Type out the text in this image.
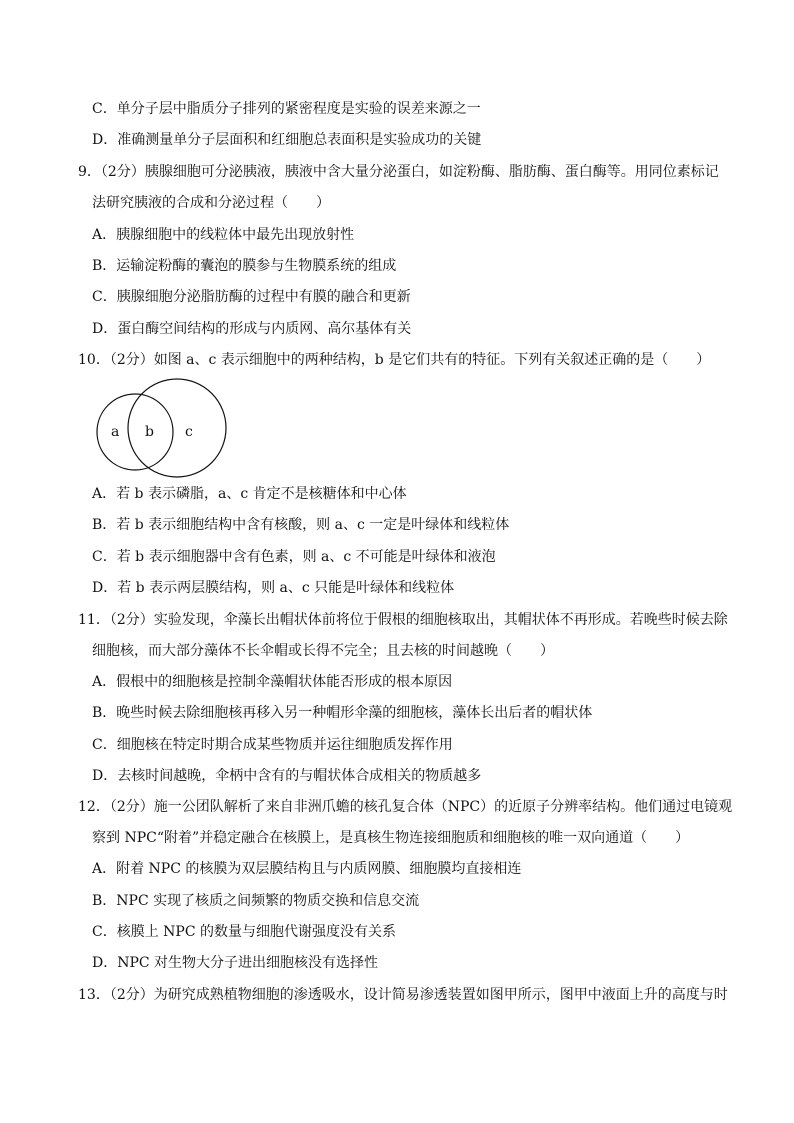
C．单分子层中脂质分子排列的紧密程度是实验的误差来源之一
D．准确测量单分子层面积和红细胞总表面积是实验成功的关键
9．（2分）胰腺细胞可分泌胰液，胰液中含大量分泌蛋白，如淀粉酶、脂肪酶、蛋白酶等。用同位素标记
法研究胰液的合成和分泌过程（　　）
A．胰腺细胞中的线粒体中最先出现放射性
B．运输淀粉酶的囊泡的膜参与生物膜系统的组成
C．胰腺细胞分泌脂肪酶的过程中有膜的融合和更新
D．蛋白酶空间结构的形成与内质网、高尔基体有关
10．（2分）如图 a、c 表示细胞中的两种结构，b 是它们共有的特征。下列有关叙述正确的是（　　）
a b c
A．若 b 表示磷脂，a、c 肯定不是核糖体和中心体
B．若 b 表示细胞结构中含有核酸，则 a、c 一定是叶绿体和线粒体
C．若 b 表示细胞器中含有色素，则 a、c 不可能是叶绿体和液泡
D．若 b 表示两层膜结构，则 a、c 只能是叶绿体和线粒体
11．（2分）实验发现，伞藻长出帽状体前将位于假根的细胞核取出，其帽状体不再形成。若晚些时候去除
细胞核，而大部分藻体不长伞帽或长得不完全；且去核的时间越晚（　　）
A．假根中的细胞核是控制伞藻帽状体能否形成的根本原因
B．晚些时候去除细胞核再移入另一种帽形伞藻的细胞核，藻体长出后者的帽状体
C．细胞核在特定时期合成某些物质并运往细胞质发挥作用
D．去核时间越晚，伞柄中含有的与帽状体合成相关的物质越多
12．（2分）施一公团队解析了来自非洲爪蟾的核孔复合体（NPC）的近原子分辨率结构。他们通过电镜观
察到 NPC“附着”并稳定融合在核膜上，是真核生物连接细胞质和细胞核的唯一双向通道（　　）
A．附着 NPC 的核膜为双层膜结构且与内质网膜、细胞膜均直接相连
B．NPC 实现了核质之间频繁的物质交换和信息交流
C．核膜上 NPC 的数量与细胞代谢强度没有关系
D．NPC 对生物大分子进出细胞核没有选择性
13．（2分）为研究成熟植物细胞的渗透吸水，设计简易渗透装置如图甲所示，图甲中液面上升的高度与时
